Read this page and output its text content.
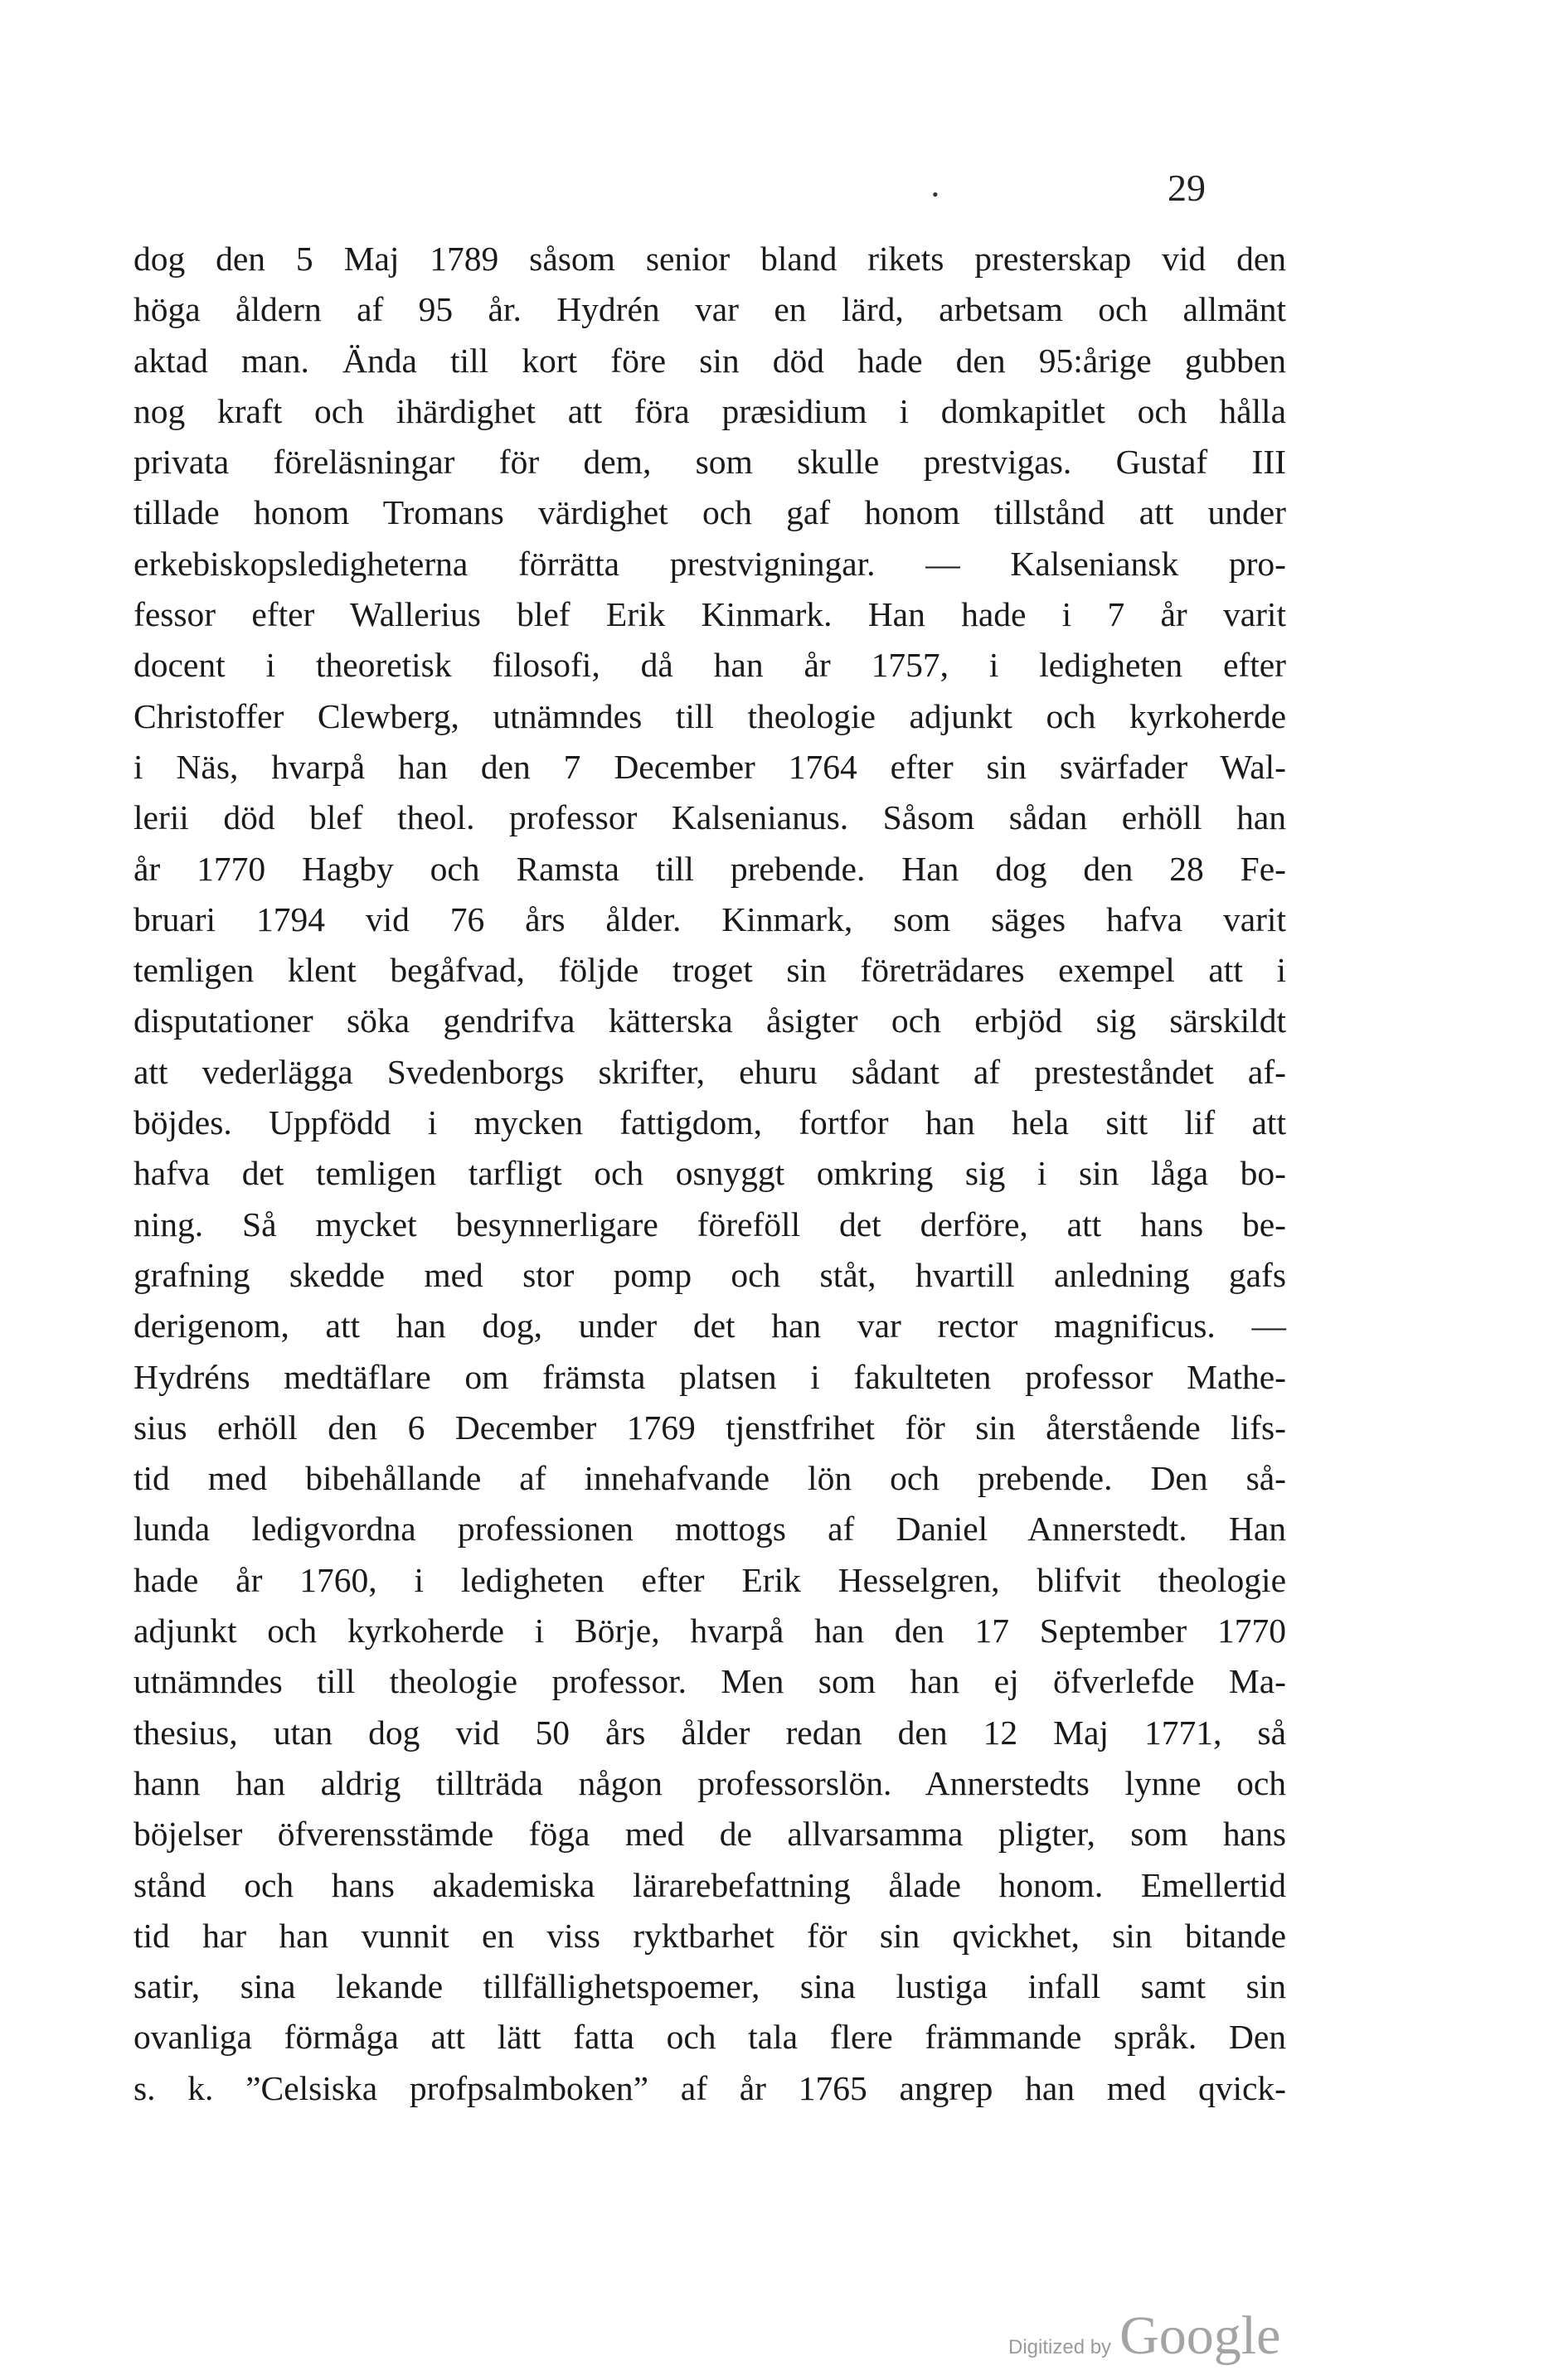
•	29
dog den 5 Maj 1789 såsom senior bland rikets presterskap vid den
höga åldern af 95 år. Hydrén var en lärd, arbetsam och allmänt
aktad man. Ända till kort före sin död hade den 95:årige gubben
nog kraft och ihärdighet att föra præsidium i domkapitlet och hålla
privata föreläsningar för dem, som skulle prestvigas. Gustaf III
tillade honom Tromans värdighet och gaf honom tillstånd att under
erkebiskopsledigheterna förrätta prestvigningar. — Kalseniansk pro-
fessor efter Wallerius blef Erik Kinmark. Han hade i 7 år varit
docent i theoretisk filosofi, då han år 1757, i ledigheten efter
Christoffer Clewberg, utnämndes till theologie adjunkt och kyrkoherde
i Näs, hvarpå han den 7 December 1764 efter sin svärfader Wal-
lerii död blef theol. professor Kalsenianus. Såsom sådan erhöll han
år 1770 Hagby och Ramsta till prebende. Han dog den 28 Fe-
bruari 1794 vid 76 års ålder. Kinmark, som säges hafva varit
temligen klent begåfvad, följde troget sin företrädares exempel att i
disputationer söka gendrifva kätterska åsigter och erbjöd sig särskildt
att vederlägga Svedenborgs skrifter, ehuru sådant af presteståndet af-
böjdes. Uppfödd i mycken fattigdom, fortfor han hela sitt lif att
hafva det temligen tarfligt och osnyggt omkring sig i sin låga bo-
ning. Så mycket besynnerligare föreföll det derföre, att hans be-
grafning skedde med stor pomp och ståt, hvartill anledning gafs
derigenom, att han dog, under det han var rector magnificus. —
Hydréns medtäflare om främsta platsen i fakulteten professor Mathe-
sius erhöll den 6 December 1769 tjenstfrihet för sin återstående lifs-
tid med bibehållande af innehafvande lön och prebende. Den så-
lunda ledigvordna professionen mottogs af Daniel Annerstedt. Han
hade år 1760, i ledigheten efter Erik Hesselgren, blifvit theologie
adjunkt och kyrkoherde i Börje, hvarpå han den 17 September 1770
utnämndes till theologie professor. Men som han ej öfverlefde Ma-
thesius, utan dog vid 50 års ålder redan den 12 Maj 1771, så
hann han aldrig tillträda någon professorslön. Annerstedts lynne och
böjelser öfverensstämde föga med de allvarsamma pligter, som hans
stånd och hans akademiska lärarebefattning ålade honom. Emellertid
tid har han vunnit en viss ryktbarhet för sin qvickhet, sin bitande
satir, sina lekande tillfällighetspoemer, sina lustiga infall samt sin
ovanliga förmåga att lätt fatta och tala flere främmande språk. Den
s. k. ”Celsiska profpsalmboken” af år 1765 angrep han med qvick-
Digitized by Google
